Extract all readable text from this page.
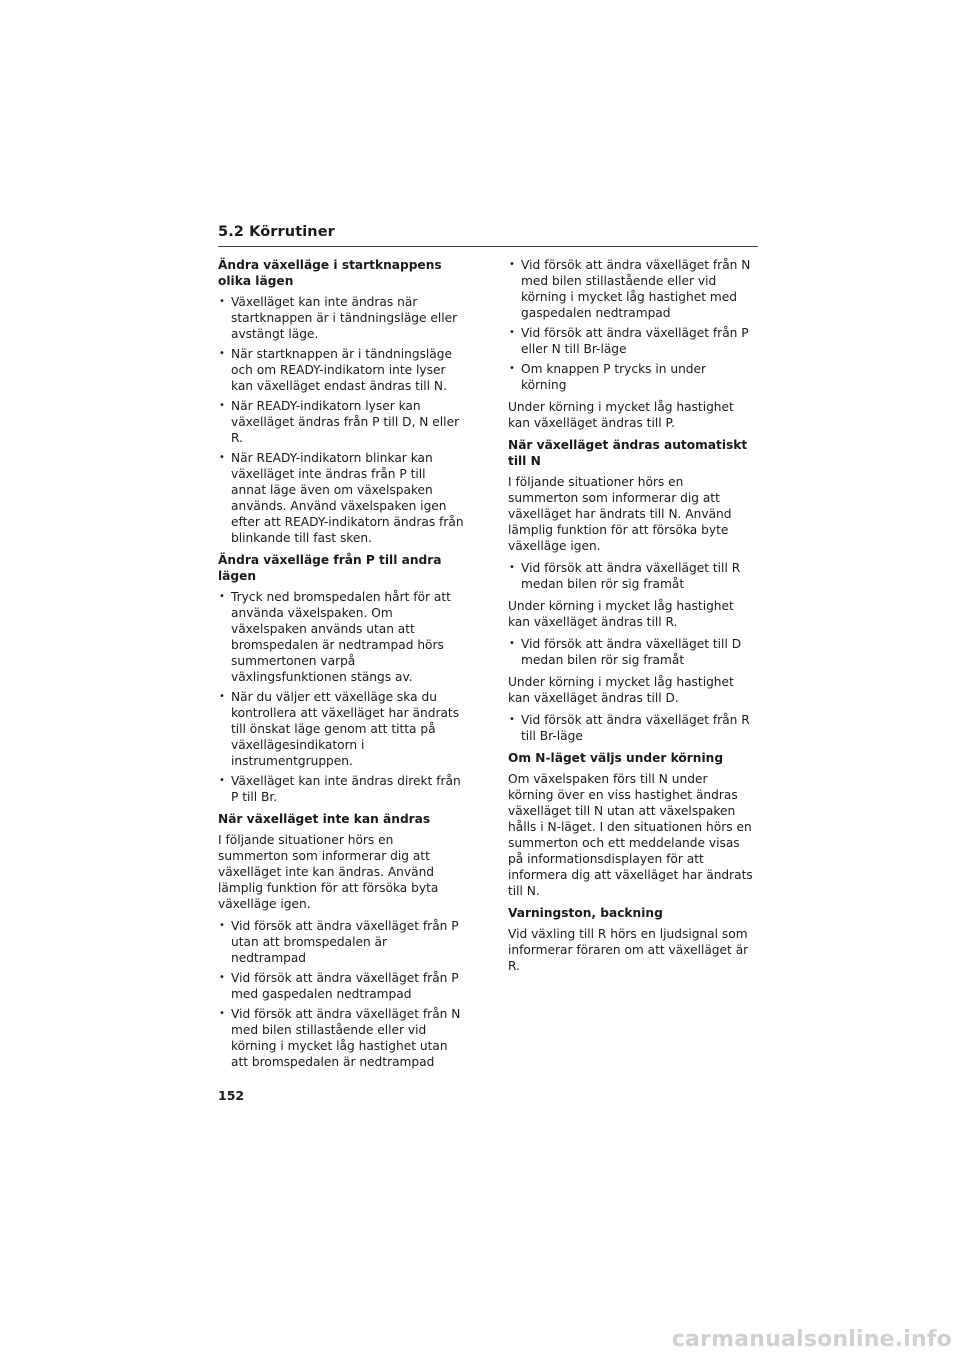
5.2 Körrutiner
Ändra växelläge i startknappens olika lägen
• Växelläget kan inte ändras när startknappen är i tändningsläge eller avstängt läge.
• När startknappen är i tändningsläge och om READY-indikatorn inte lyser kan växelläget endast ändras till N.
• När READY-indikatorn lyser kan växelläget ändras från P till D, N eller R.
• När READY-indikatorn blinkar kan växelläget inte ändras från P till annat läge även om växelspaken används. Använd växelspaken igen efter att READY-indikatorn ändras från blinkande till fast sken.
Ändra växelläge från P till andra lägen
• Tryck ned bromspedalen hårt för att använda växelspaken. Om växelspaken används utan att bromspedalen är nedtrampad hörs summertonen varpå växlingsfunktionen stängs av.
• När du väljer ett växelläge ska du kontrollera att växelläget har ändrats till önskat läge genom att titta på växellägesindikatorn i instrumentgruppen.
• Växelläget kan inte ändras direkt från P till Br.
När växelläget inte kan ändras

I följande situationer hörs en summerton som informerar dig att växelläget inte kan ändras. Använd lämplig funktion för att försöka byta växelläge igen.

• Vid försök att ändra växelläget från P utan att bromspedalen är nedtrampad
• Vid försök att ändra växelläget från P med gaspedalen nedtrampad
• Vid försök att ändra växelläget från N med bilen stillastående eller vid körning i mycket låg hastighet utan att bromspedalen är nedtrampad
• Vid försök att ändra växelläget från N med bilen stillastående eller vid körning i mycket låg hastighet med gaspedalen nedtrampad
• Vid försök att ändra växelläget från P eller N till Br-läge
• Om knappen P trycks in under körning

Under körning i mycket låg hastighet kan växelläget ändras till P.

När växelläget ändras automatiskt till N

I följande situationer hörs en summerton som informerar dig att växelläget har ändrats till N. Använd lämplig funktion för att försöka byte växelläge igen.

• Vid försök att ändra växelläget till R medan bilen rör sig framåt

Under körning i mycket låg hastighet kan växelläget ändras till R.

• Vid försök att ändra växelläget till D medan bilen rör sig framåt

Under körning i mycket låg hastighet kan växelläget ändras till D.

• Vid försök att ändra växelläget från R till Br-läge
Om N-läget väljs under körning

Om växelspaken förs till N under körning över en viss hastighet ändras växelläget till N utan att växelspaken hålls i N-läget. I den situationen hörs en summerton och ett meddelande visas på informationsdisplayen för att informera dig att växelläget har ändrats till N.

Varningston, backning

Vid växling till R hörs en ljudsignal som informerar föraren om att växelläget är R.

152
carmanualsonline.info
